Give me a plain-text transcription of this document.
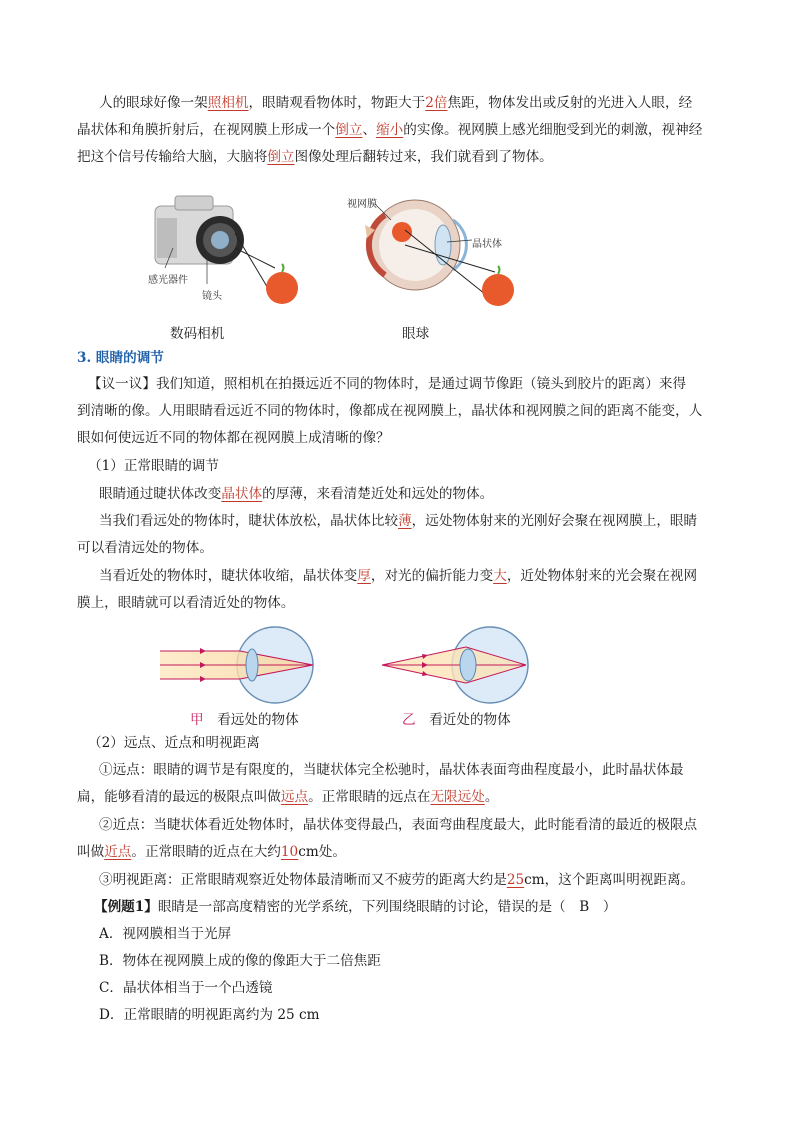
人的眼球好像一架照相机，眼睛观看物体时，物距大于2倍焦距，物体发出或反射的光进入人眼，经
晶状体和角膜折射后，在视网膜上形成一个倒立、缩小的实像。视网膜上感光细胞受到光的刺激，视神经
把这个信号传输给大脑，大脑将倒立图像处理后翻转过来，我们就看到了物体。
感光器件
镜头
视网膜
晶状体
数码相机	眼球
3. 眼睛的调节
【议一议】我们知道，照相机在拍摄远近不同的物体时，是通过调节像距（镜头到胶片的距离）来得
到清晰的像。人用眼睛看远近不同的物体时，像都成在视网膜上，晶状体和视网膜之间的距离不能变，人
眼如何使远近不同的物体都在视网膜上成清晰的像？
（1）正常眼睛的调节
眼睛通过睫状体改变晶状体的厚薄，来看清楚近处和远处的物体。
当我们看远处的物体时，睫状体放松，晶状体比较薄，远处物体射来的光刚好会聚在视网膜上，眼睛
可以看清远处的物体。
当看近处的物体时，睫状体收缩，晶状体变厚，对光的偏折能力变大，近处物体射来的光会聚在视网
膜上，眼睛就可以看清近处的物体。
甲　 看远处的物体	乙　 看近处的物体
（2）远点、近点和明视距离
①远点：眼睛的调节是有限度的，当睫状体完全松驰时，晶状体表面弯曲程度最小，此时晶状体最
扁，能够看清的最远的极限点叫做远点。正常眼睛的远点在无限远处。
②近点：当睫状体看近处物体时，晶状体变得最凸，表面弯曲程度最大，此时能看清的最近的极限点
叫做近点。正常眼睛的近点在大约10cm处。
③明视距离：正常眼睛观察近处物体最清晰而又不疲劳的距离大约是25cm，这个距离叫明视距离。
【例题1】眼睛是一部高度精密的光学系统，下列围绕眼睛的讨论，错误的是（　B　）
A．视网膜相当于光屏
B．物体在视网膜上成的像的像距大于二倍焦距
C．晶状体相当于一个凸透镜
D．正常眼睛的明视距离约为 25 cm
